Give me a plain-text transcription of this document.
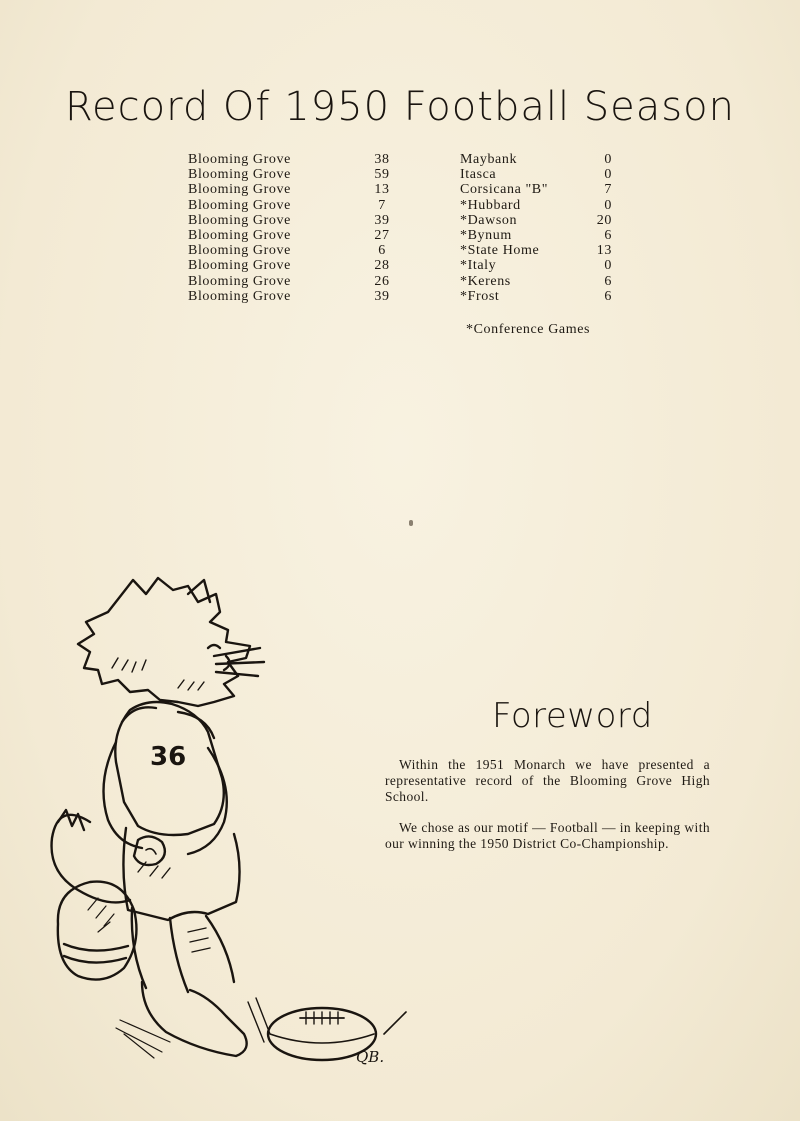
Record Of 1950 Football Season
Blooming Grove	38		Maybank	0
Blooming Grove	59		Itasca	0
Blooming Grove	13		Corsicana "B"	7
Blooming Grove	7		*Hubbard	0
Blooming Grove	39		*Dawson	20
Blooming Grove	27		*Bynum	6
Blooming Grove	6		*State Home	13
Blooming Grove	28		*Italy	0
Blooming Grove	26		*Kerens	6
Blooming Grove	39		*Frost	6

*Conference Games

36
QB.
Foreword

Within the 1951 Monarch we have presented a representative record of the Blooming Grove High School.

We chose as our motif — Football — in keeping with our winning the 1950 District Co-Championship.
